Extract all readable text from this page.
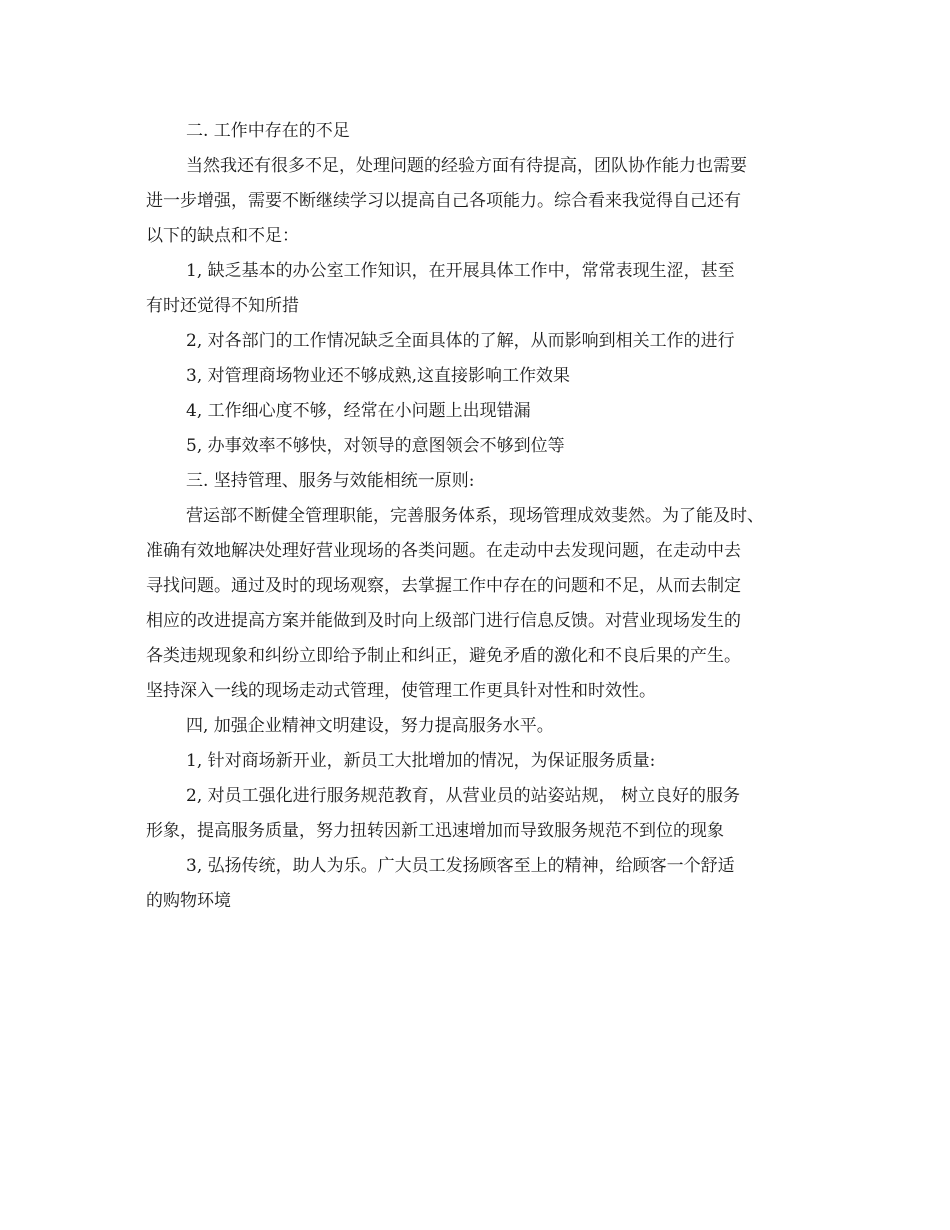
二. 工作中存在的不足
当然我还有很多不足，处理问题的经验方面有待提高，团队协作能力也需要
进一步增强，需要不断继续学习以提高自己各项能力。综合看来我觉得自己还有
以下的缺点和不足：
1, 缺乏基本的办公室工作知识，在开展具体工作中，常常表现生涩，甚至
有时还觉得不知所措
2, 对各部门的工作情况缺乏全面具体的了解，从而影响到相关工作的进行
3, 对管理商场物业还不够成熟,这直接影响工作效果
4, 工作细心度不够，经常在小问题上出现错漏
5, 办事效率不够快，对领导的意图领会不够到位等
三. 坚持管理、服务与效能相统一原则:
营运部不断健全管理职能，完善服务体系，现场管理成效斐然。为了能及时、
准确有效地解决处理好营业现场的各类问题。在走动中去发现问题，在走动中去
寻找问题。通过及时的现场观察，去掌握工作中存在的问题和不足，从而去制定
相应的改进提高方案并能做到及时向上级部门进行信息反馈。对营业现场发生的
各类违规现象和纠纷立即给予制止和纠正，避免矛盾的激化和不良后果的产生。
坚持深入一线的现场走动式管理，使管理工作更具针对性和时效性。
四, 加强企业精神文明建设，努力提高服务水平。
1, 针对商场新开业，新员工大批增加的情况，为保证服务质量:
2, 对员工强化进行服务规范教育，从营业员的站姿站规， 树立良好的服务
形象，提高服务质量，努力扭转因新工迅速增加而导致服务规范不到位的现象
3, 弘扬传统，助人为乐。广大员工发扬顾客至上的精神，给顾客一个舒适
的购物环境
